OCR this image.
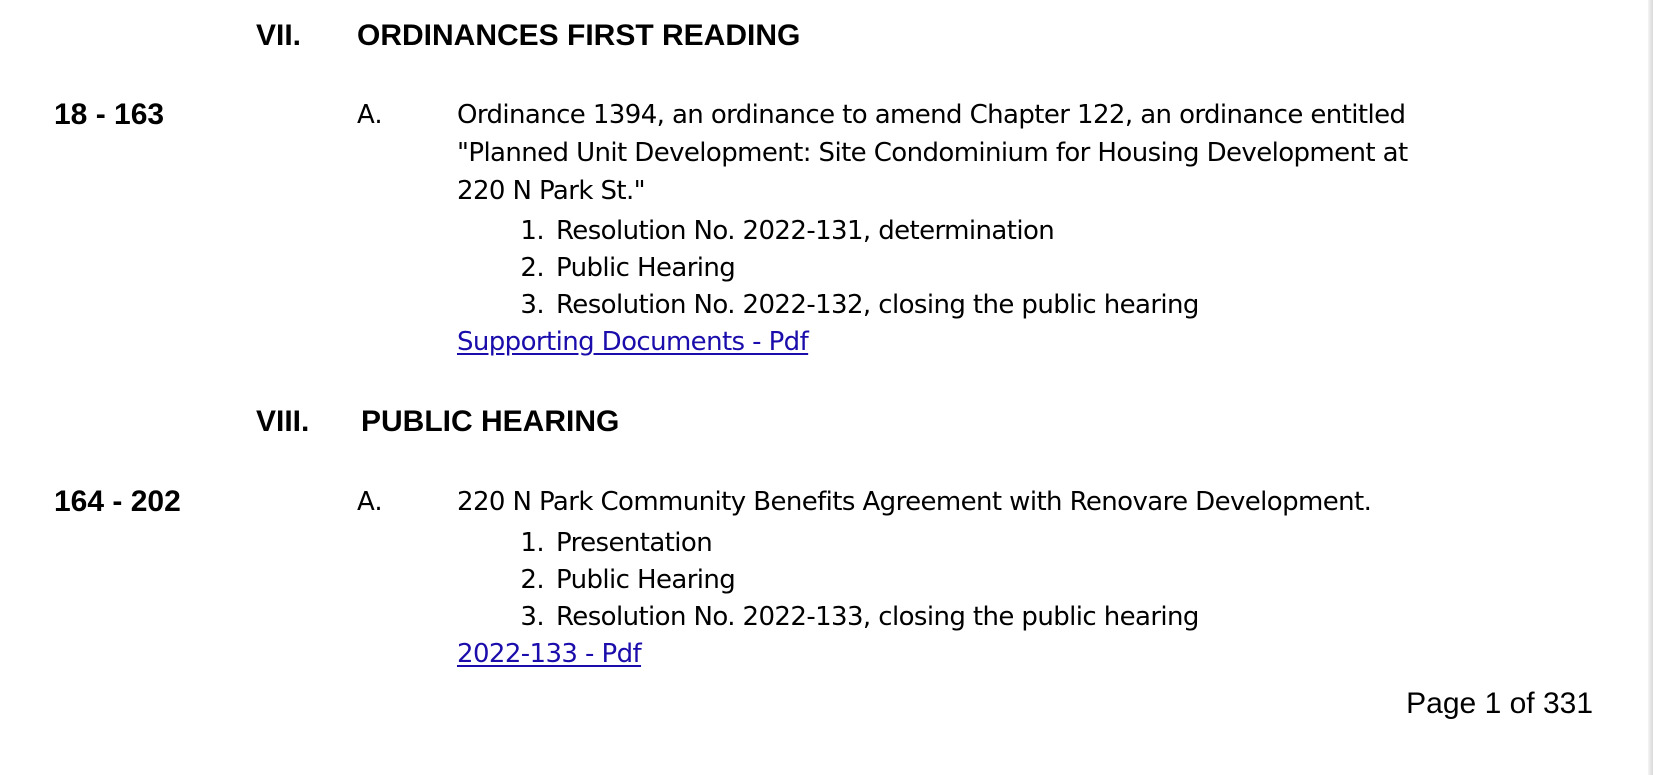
VII. ORDINANCES FIRST READING
18 - 163	A.	Ordinance 1394, an ordinance to amend Chapter 122, an ordinance entitled
"Planned Unit Development: Site Condominium for Housing Development at
220 N Park St."
1. Resolution No. 2022-131, determination
2. Public Hearing
3. Resolution No. 2022-132, closing the public hearing
Supporting Documents - Pdf
VIII. PUBLIC HEARING
164 - 202	A.	220 N Park Community Benefits Agreement with Renovare Development.
1. Presentation
2. Public Hearing
3. Resolution No. 2022-133, closing the public hearing
2022-133 - Pdf
Page 1 of 331
